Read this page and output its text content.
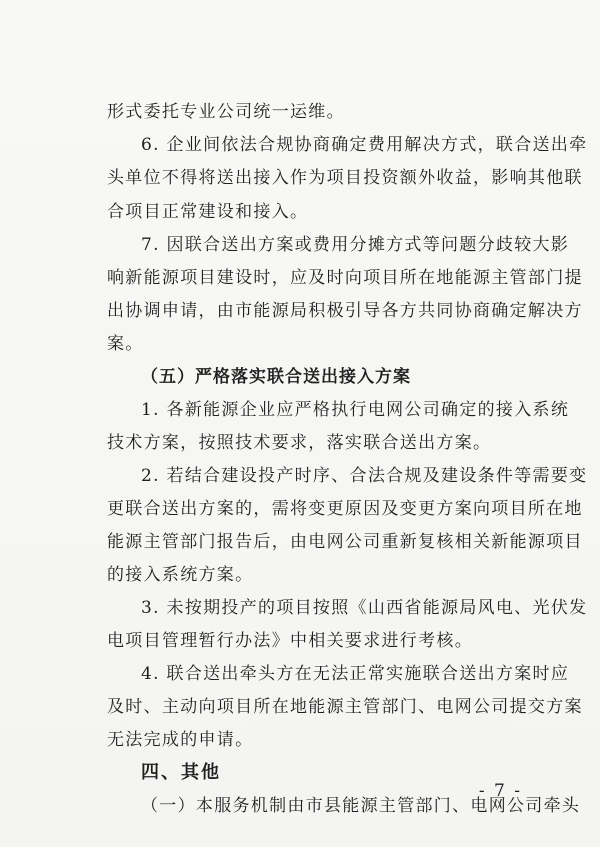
形式委托专业公司统一运维。
6. 企业间依法合规协商确定费用解决方式，联合送出牵
头单位不得将送出接入作为项目投资额外收益，影响其他联
合项目正常建设和接入。
7. 因联合送出方案或费用分摊方式等问题分歧较大影
响新能源项目建设时，应及时向项目所在地能源主管部门提
出协调申请，由市能源局积极引导各方共同协商确定解决方
案。
（五）严格落实联合送出接入方案
1. 各新能源企业应严格执行电网公司确定的接入系统
技术方案，按照技术要求，落实联合送出方案。
2. 若结合建设投产时序、合法合规及建设条件等需要变
更联合送出方案的，需将变更原因及变更方案向项目所在地
能源主管部门报告后，由电网公司重新复核相关新能源项目
的接入系统方案。
3. 未按期投产的项目按照《山西省能源局风电、光伏发
电项目管理暂行办法》中相关要求进行考核。
4. 联合送出牵头方在无法正常实施联合送出方案时应
及时、主动向项目所在地能源主管部门、电网公司提交方案
无法完成的申请。
四、其他
（一）本服务机制由市县能源主管部门、电网公司牵头
- 7 -
